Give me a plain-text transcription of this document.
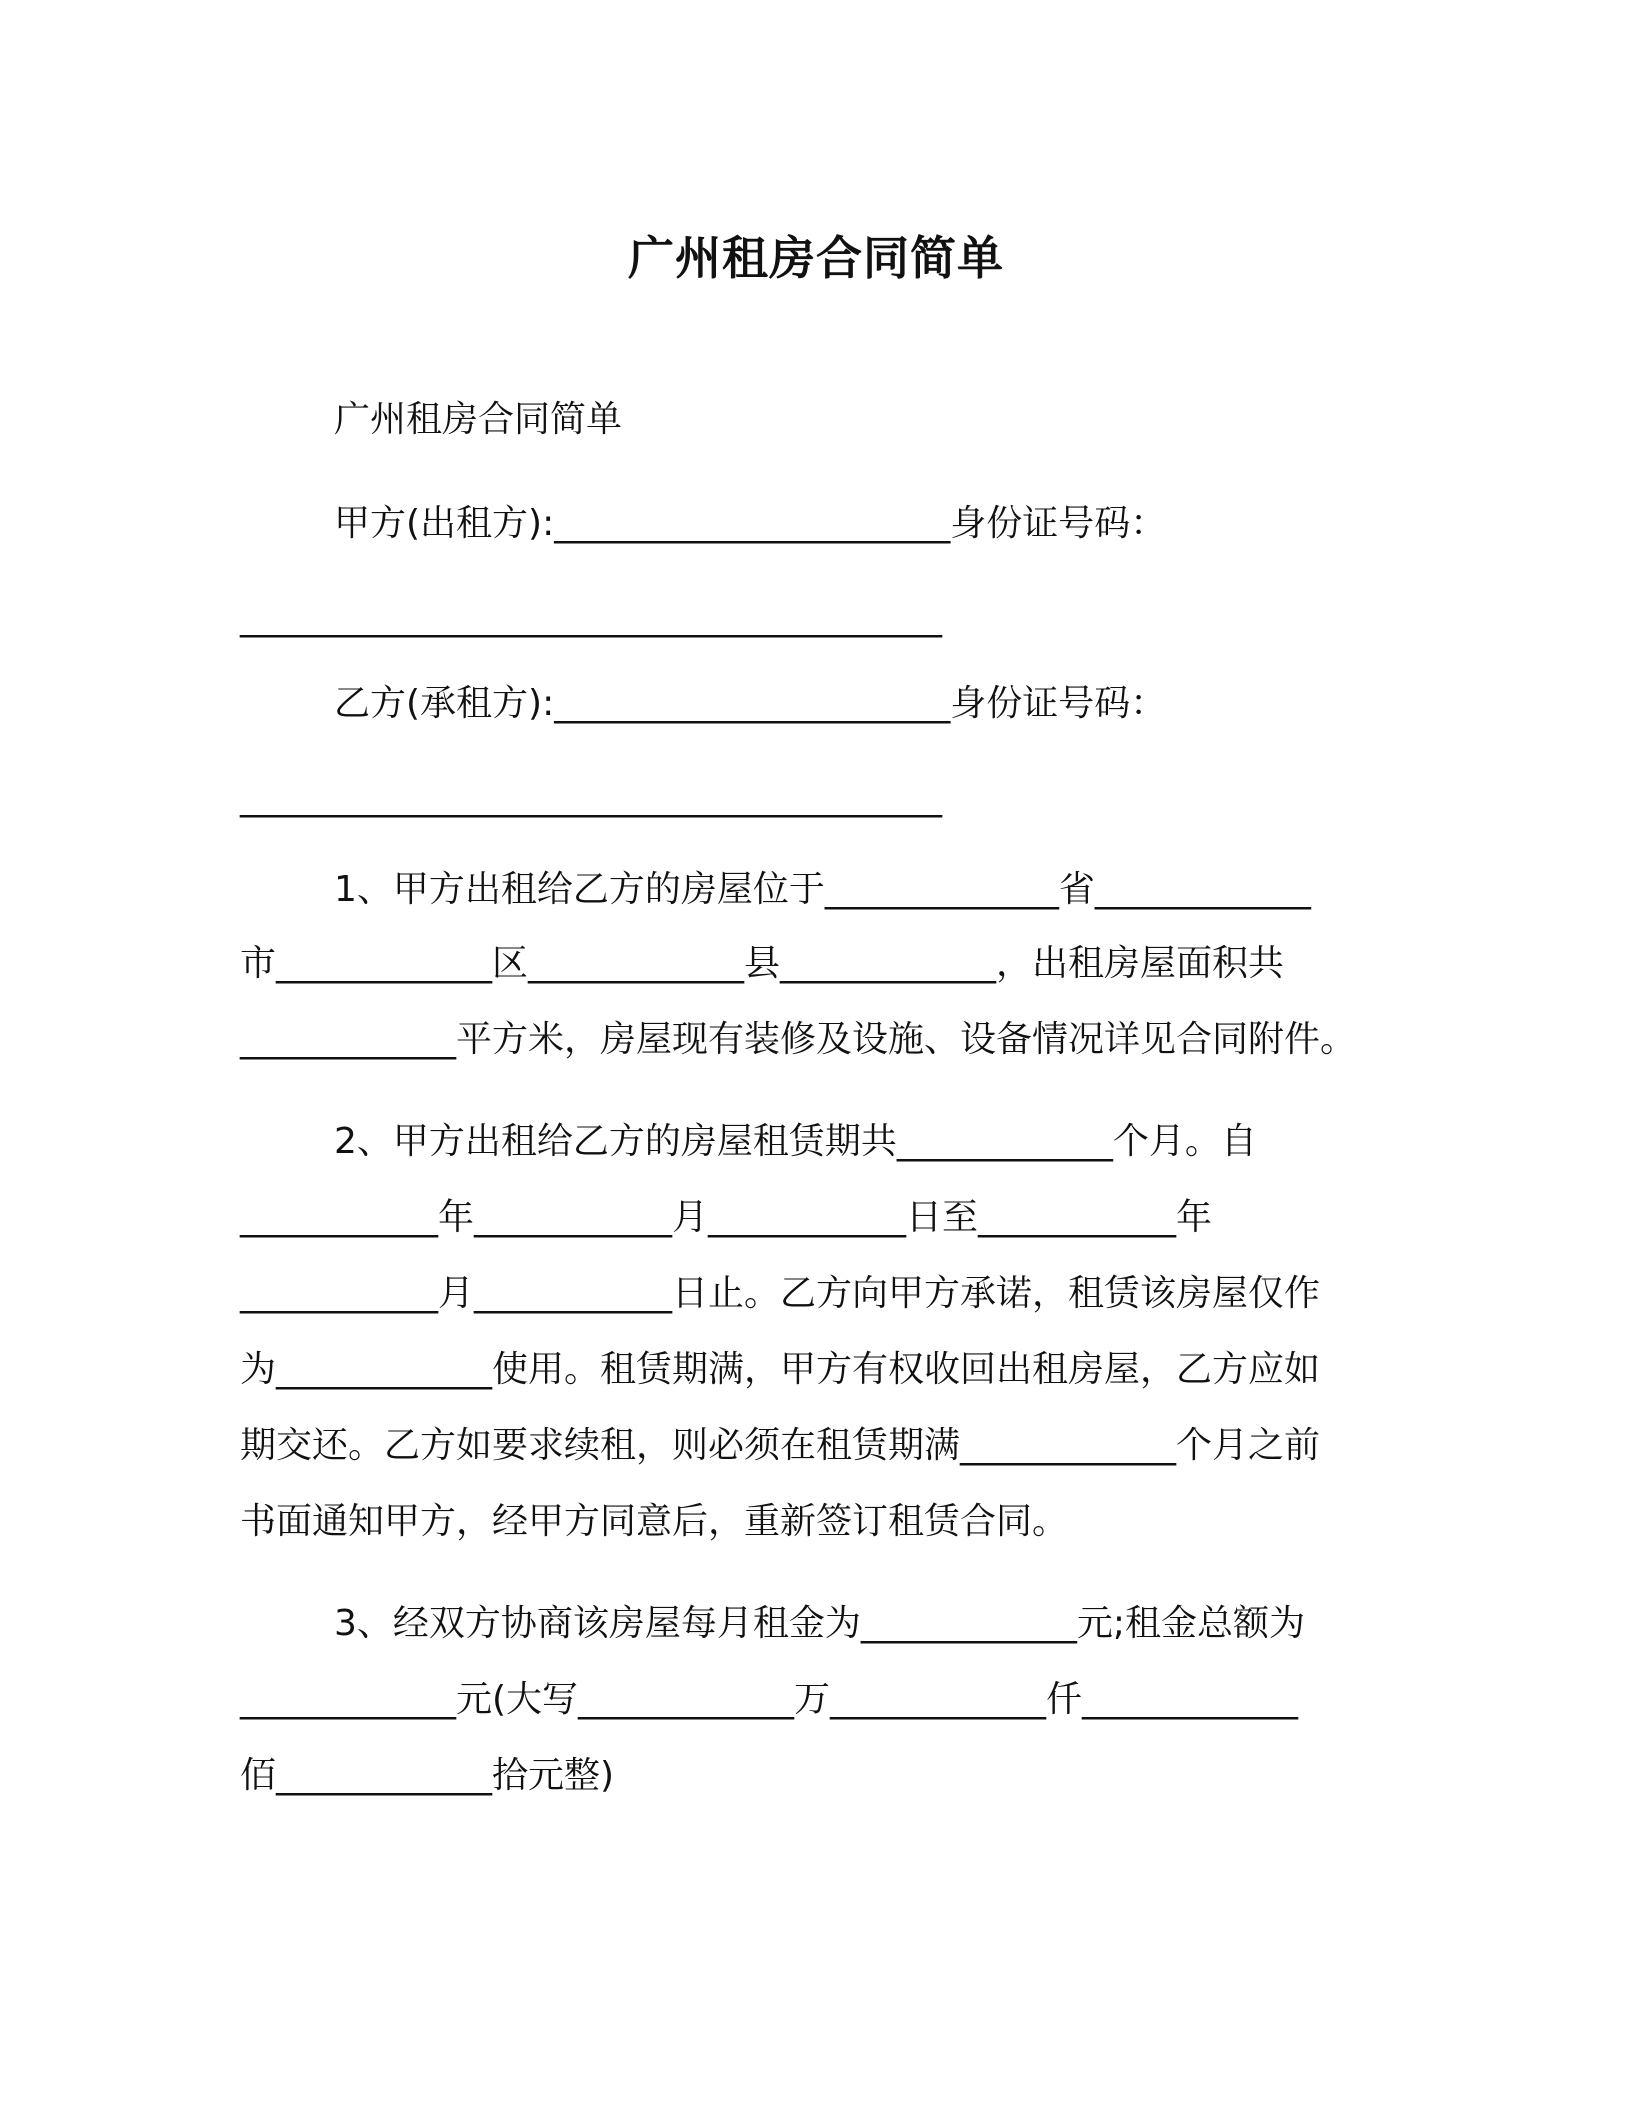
广州租房合同简单
广州租房合同简单
甲方(出租方):______________________身份证号码：
_______________________________________
乙方(承租方):______________________身份证号码：
_______________________________________
1、甲方出租给乙方的房屋位于_____________省____________
市____________区____________县____________，出租房屋面积共
____________平方米，房屋现有装修及设施、设备情况详见合同附件。
2、甲方出租给乙方的房屋租赁期共____________个月。自
___________年___________月___________日至___________年
___________月___________日止。乙方向甲方承诺，租赁该房屋仅作
为____________使用。租赁期满，甲方有权收回出租房屋，乙方应如
期交还。乙方如要求续租，则必须在租赁期满____________个月之前
书面通知甲方，经甲方同意后，重新签订租赁合同。
3、经双方协商该房屋每月租金为____________元;租金总额为
____________元(大写____________万____________仟____________
佰____________拾元整)
